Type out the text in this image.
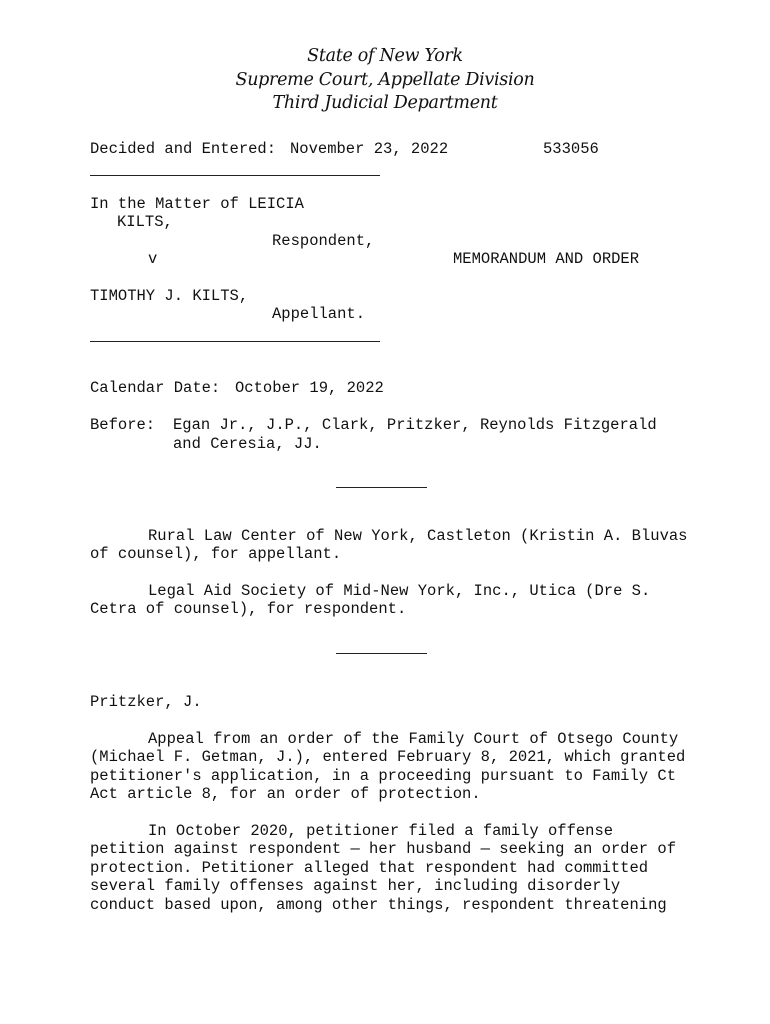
State of New York
Supreme Court, Appellate Division
Third Judicial Department
Decided and Entered: November 23, 2022	533056
In the Matter of LEICIA
KILTS,
Respondent,
v	MEMORANDUM AND ORDER
TIMOTHY J. KILTS,
Appellant.
Calendar Date: October 19, 2022
Before: Egan Jr., J.P., Clark, Pritzker, Reynolds Fitzgerald
and Ceresia, JJ.
Rural Law Center of New York, Castleton (Kristin A. Bluvas
of counsel), for appellant.
Legal Aid Society of Mid-New York, Inc., Utica (Dre S.
Cetra of counsel), for respondent.
Pritzker, J.
Appeal from an order of the Family Court of Otsego County
(Michael F. Getman, J.), entered February 8, 2021, which granted
petitioner's application, in a proceeding pursuant to Family Ct
Act article 8, for an order of protection.
In October 2020, petitioner filed a family offense
petition against respondent — her husband — seeking an order of
protection. Petitioner alleged that respondent had committed
several family offenses against her, including disorderly
conduct based upon, among other things, respondent threatening
